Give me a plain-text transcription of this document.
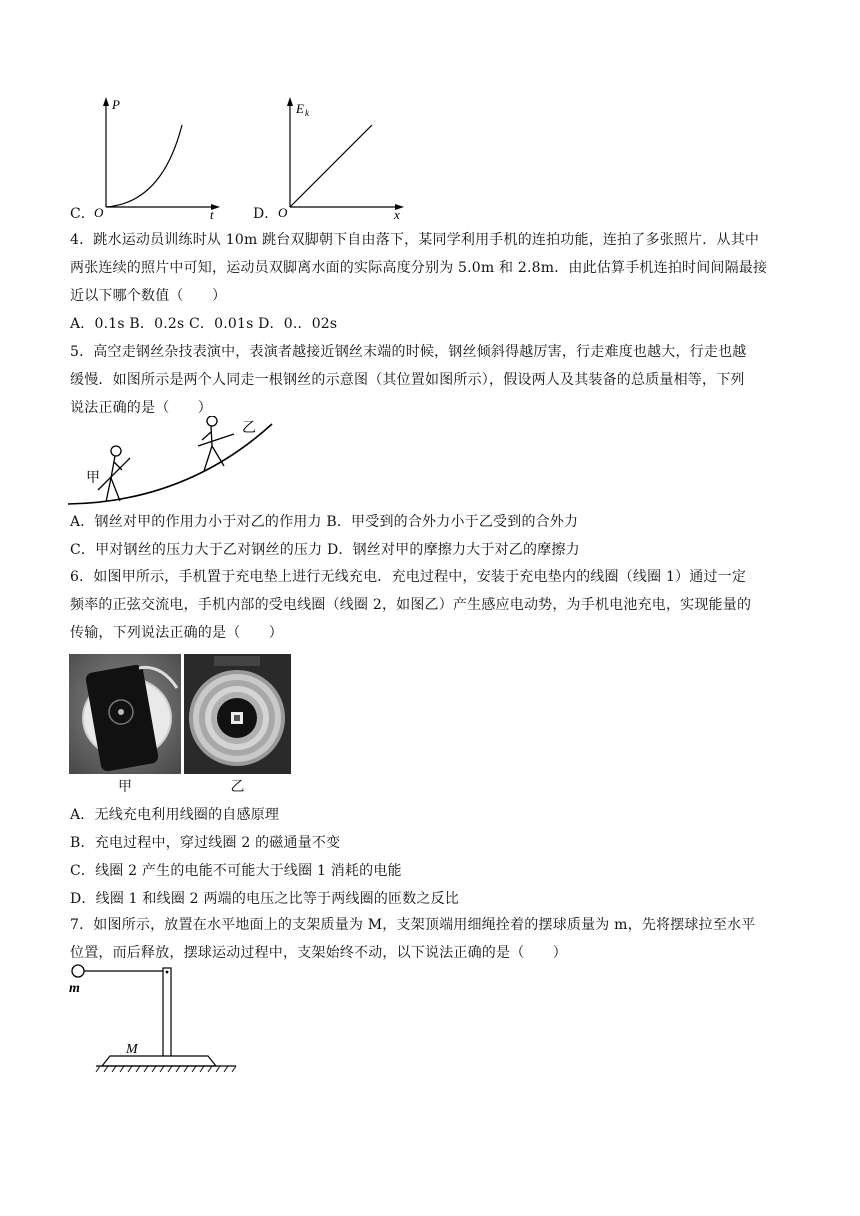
C．
P
O	t	D．
E k
O	x
4．跳水运动员训练时从 10m 跳台双脚朝下自由落下，某同学利用手机的连拍功能，连拍了多张照片．从其中
两张连续的照片中可知，运动员双脚离水面的实际高度分别为 5.0m 和 2.8m．由此估算手机连拍时间间隔最接
近以下哪个数值（　　）
A．0.1s B．0.2s C．0.01s D．0.．02s
5．高空走钢丝杂技表演中，表演者越接近钢丝末端的时候，钢丝倾斜得越厉害，行走难度也越大，行走也越
缓慢．如图所示是两个人同走一根钢丝的示意图（其位置如图所示），假设两人及其装备的总质量相等，下列
说法正确的是（　　）
甲
乙
A．钢丝对甲的作用力小于对乙的作用力 B．甲受到的合外力小于乙受到的合外力
C．甲对钢丝的压力大于乙对钢丝的压力 D．钢丝对甲的摩擦力大于对乙的摩擦力
6．如图甲所示，手机置于充电垫上进行无线充电．充电过程中，安装于充电垫内的线圈（线圈 1）通过一定
频率的正弦交流电，手机内部的受电线圈（线圈 2，如图乙）产生感应电动势，为手机电池充电，实现能量的
传输，下列说法正确的是（　　）
甲	乙
A．无线充电利用线圈的自感原理
B．充电过程中，穿过线圈 2 的磁通量不变
C．线圈 2 产生的电能不可能大于线圈 1 消耗的电能
D．线圈 1 和线圈 2 两端的电压之比等于两线圈的匝数之反比
7．如图所示，放置在水平地面上的支架质量为 M，支架顶端用细绳拴着的摆球质量为 m，先将摆球拉至水平
位置，而后释放，摆球运动过程中，支架始终不动，以下说法正确的是（　　）
m
M
